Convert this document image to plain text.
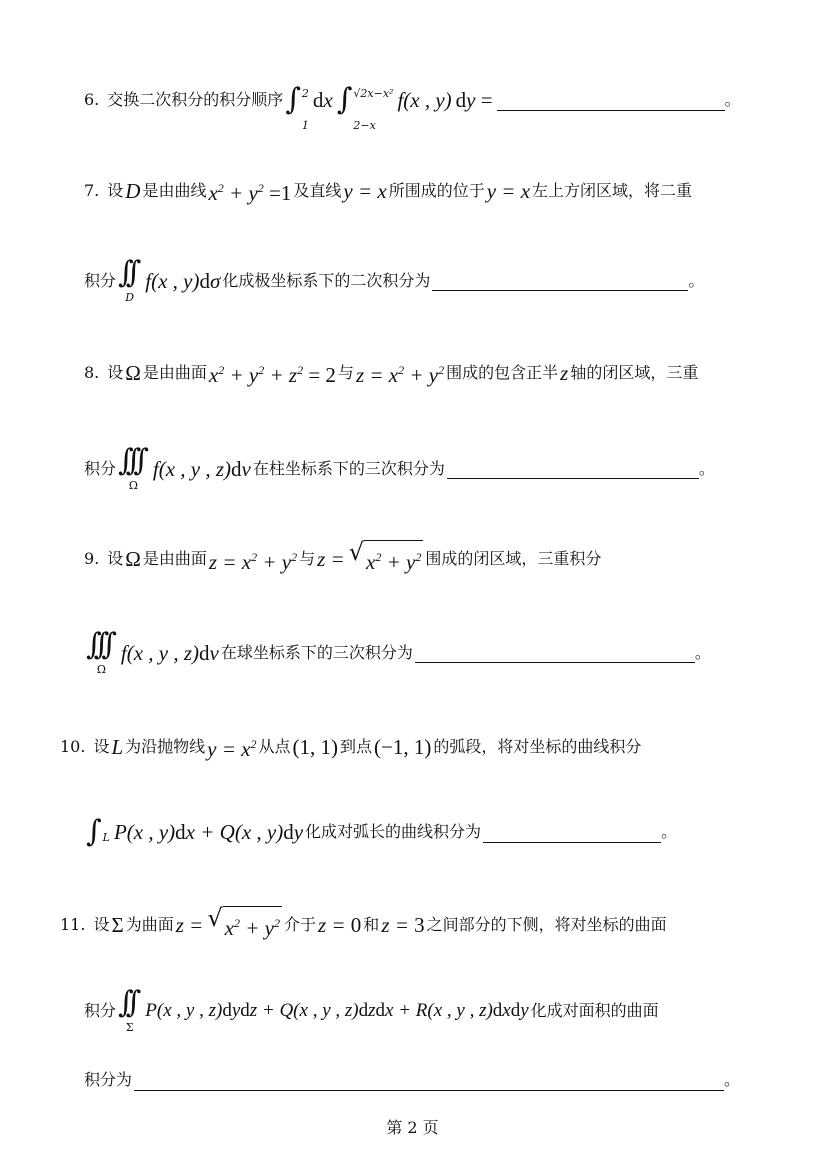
6. 交换二次积分的积分顺序 ∫ 2
1
dx ∫ √2x−x²
2−x
f(x , y) dy =	。
7. 设 D 是由曲线 $x^2 + y^2 =1$ 及直线 y = x 所围成的位于 y = x 左上方闭区域，将二重
积分 ∫∫
D
f(x , y)dσ 化成极坐标系下的二次积分为	。
8. 设 Ω 是由曲面 $x^2 + y^2 + z^2 = 2$ 与 $z = x^2 + y^2$ 围成的包含正半 z 轴的闭区域，三重
积分 ∫∫∫
Ω
f(x , y , z)dv 在柱坐标系下的三次积分为	。
9. 设 Ω 是由曲面 $z = x^2 + y^2$ 与 z = √ $x^2 + y^2$ 围成的闭区域，三重积分
∫∫∫
Ω
f(x , y , z)dv 在球坐标系下的三次积分为	。
10. 设 L 为沿抛物线 $y = x^2$ 从点 (1, 1) 到点 (−1, 1) 的弧段，将对坐标的曲线积分
∫ L P(x , y)dx + Q(x , y)dy 化成对弧长的曲线积分为	。
11. 设 Σ 为曲面 z = √ $x^2 + y^2$ 介于 z = 0 和 z = 3 之间部分的下侧，将对坐标的曲面
积分 ∫∫
Σ
P(x , y , z)dydz + Q(x , y , z)dzdx + R(x , y , z)dxdy 化成对面积的曲面
积分为	。
第 2 页
